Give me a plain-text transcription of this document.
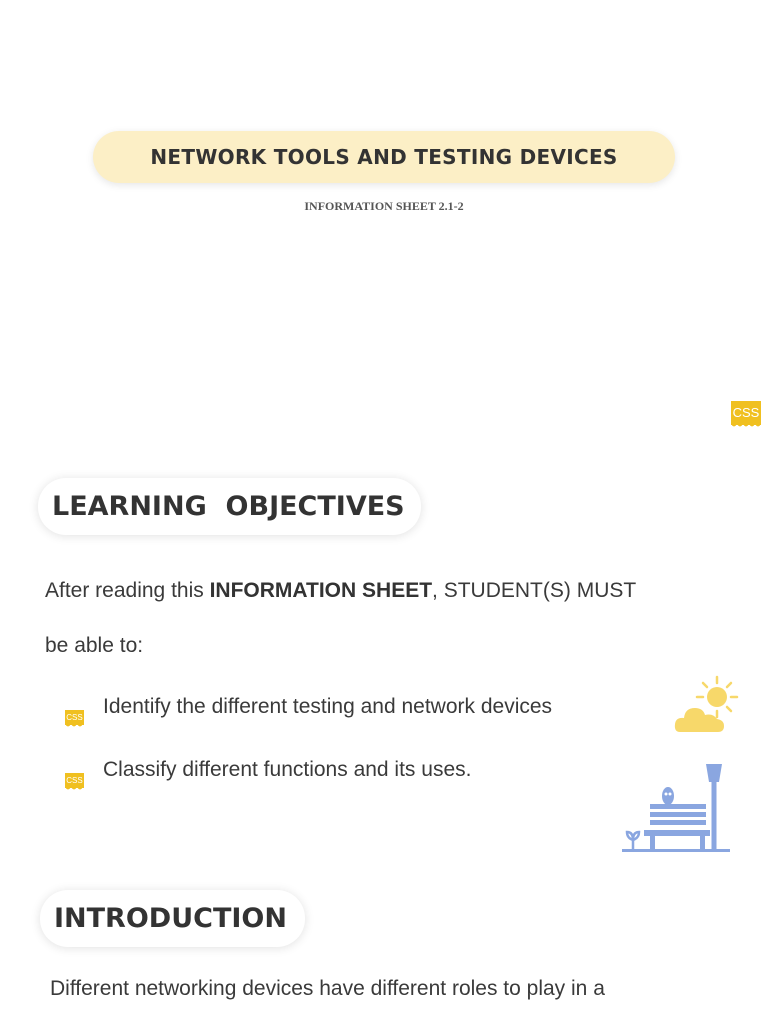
NETWORK TOOLS AND TESTING DEVICES
INFORMATION SHEET 2.1-2
CSS
LEARNING  OBJECTIVES
After reading this INFORMATION SHEET, STUDENT(S) MUST
be able to:
CSS Identify the different testing and network devices
CSS Classify different functions and its uses.
INTRODUCTION
Different networking devices have different roles to play in a
